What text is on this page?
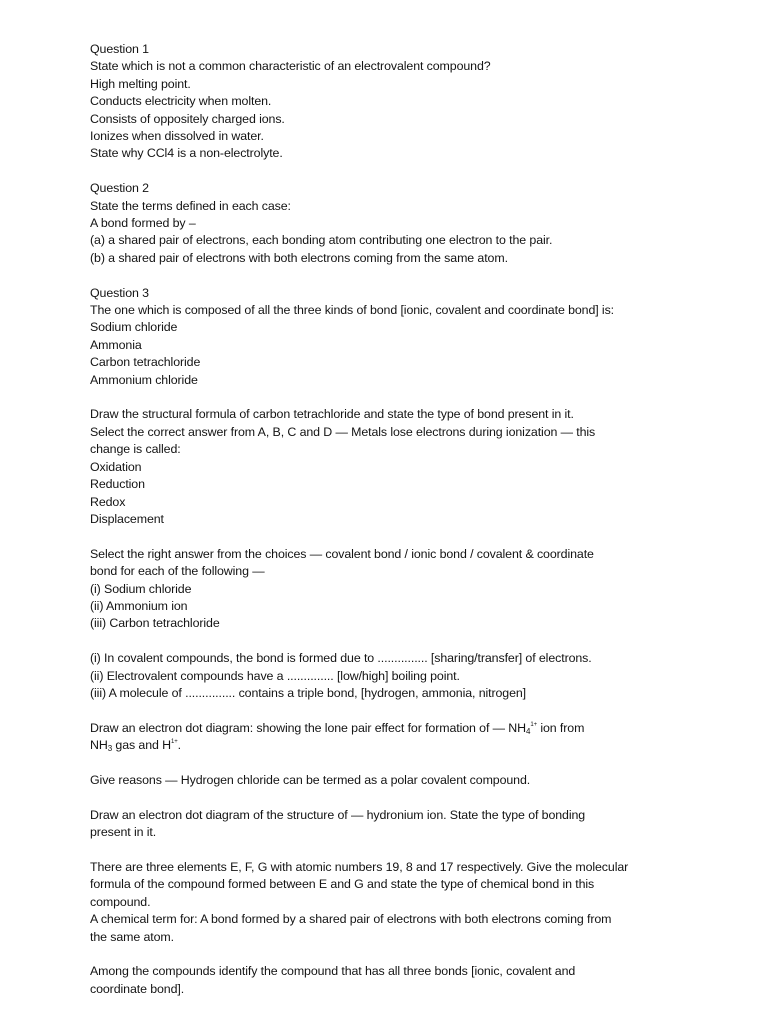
Question 1
State which is not a common characteristic of an electrovalent compound?
High melting point.
Conducts electricity when molten.
Consists of oppositely charged ions.
Ionizes when dissolved in water.
State why CCl4 is a non-electrolyte.
Question 2
State the terms defined in each case:
A bond formed by –
(a) a shared pair of electrons, each bonding atom contributing one electron to the pair.
(b) a shared pair of electrons with both electrons coming from the same atom.
Question 3
The one which is composed of all the three kinds of bond [ionic, covalent and coordinate bond] is:
Sodium chloride
Ammonia
Carbon tetrachloride
Ammonium chloride
Draw the structural formula of carbon tetrachloride and state the type of bond present in it.
Select the correct answer from A, B, C and D — Metals lose electrons during ionization — this
change is called:
Oxidation
Reduction
Redox
Displacement
Select the right answer from the choices — covalent bond / ionic bond / covalent & coordinate
bond for each of the following —
(i) Sodium chloride
(ii) Ammonium ion
(iii) Carbon tetrachloride
(i) In covalent compounds, the bond is formed due to ............... [sharing/transfer] of electrons.
(ii) Electrovalent compounds have a .............. [low/high] boiling point.
(iii) A molecule of ............... contains a triple bond, [hydrogen, ammonia, nitrogen]
Draw an electron dot diagram: showing the lone pair effect for formation of — $NH_4^{1+}$ ion from
$NH_3$ gas and $H^{1+}$.
Give reasons — Hydrogen chloride can be termed as a polar covalent compound.
Draw an electron dot diagram of the structure of — hydronium ion. State the type of bonding
present in it.
There are three elements E, F, G with atomic numbers 19, 8 and 17 respectively. Give the molecular
formula of the compound formed between E and G and state the type of chemical bond in this
compound.
A chemical term for: A bond formed by a shared pair of electrons with both electrons coming from
the same atom.
Among the compounds identify the compound that has all three bonds [ionic, covalent and
coordinate bond].
